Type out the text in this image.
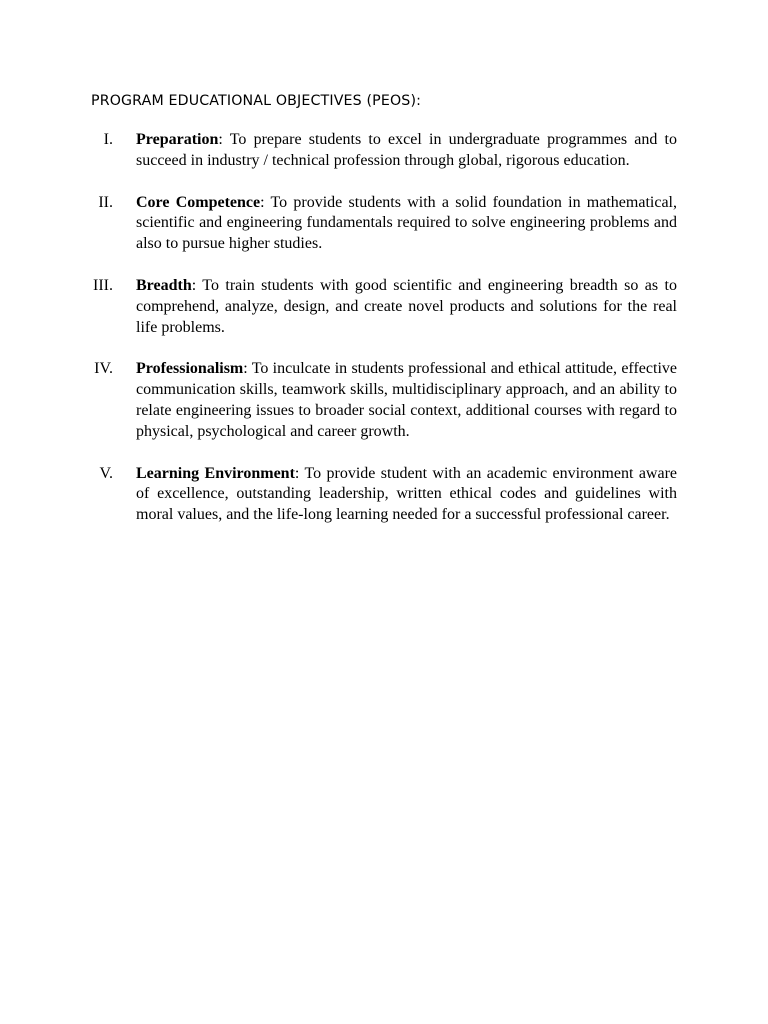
PROGRAM EDUCATIONAL OBJECTIVES (PEOS):
I. Preparation: To prepare students to excel in undergraduate programmes and to succeed in industry / technical profession through global, rigorous education.
II. Core Competence: To provide students with a solid foundation in mathematical, scientific and engineering fundamentals required to solve engineering problems and also to pursue higher studies.
III. Breadth: To train students with good scientific and engineering breadth so as to comprehend, analyze, design, and create novel products and solutions for the real life problems.
IV. Professionalism: To inculcate in students professional and ethical attitude, effective communication skills, teamwork skills, multidisciplinary approach, and an ability to relate engineering issues to broader social context, additional courses with regard to physical, psychological and career growth.
V. Learning Environment: To provide student with an academic environment aware of excellence, outstanding leadership, written ethical codes and guidelines with moral values, and the life-long learning needed for a successful professional career.
